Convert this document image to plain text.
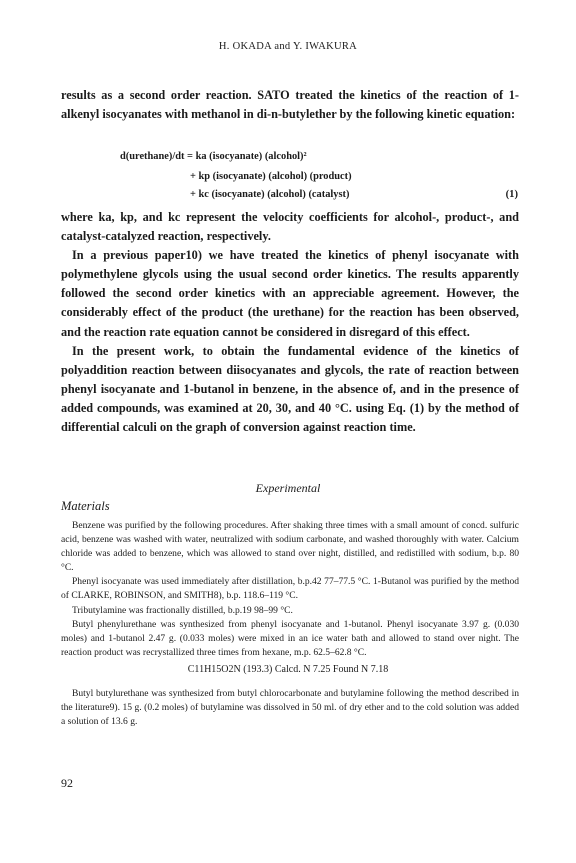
H. OKADA and Y. IWAKURA
results as a second order reaction. SATO treated the kinetics of the reaction of 1-alkenyl isocyanates with methanol in di-n-butylether by the following kinetic equation:
d(urethane)/dt = ka (isocyanate) (alcohol)²
+ kp (isocyanate) (alcohol) (product)
+ kc (isocyanate) (alcohol) (catalyst)	(1)
where ka, kp, and kc represent the velocity coefficients for alcohol-, product-, and catalyst-catalyzed reaction, respectively.
In a previous paper10) we have treated the kinetics of phenyl isocyanate with polymethylene glycols using the usual second order kinetics. The results apparently followed the second order kinetics with an appreciable agreement. However, the considerably effect of the product (the urethane) for the reaction has been observed, and the reaction rate equation cannot be considered in disregard of this effect.
In the present work, to obtain the fundamental evidence of the kinetics of polyaddition reaction between diisocyanates and glycols, the rate of reaction between phenyl isocyanate and 1-butanol in benzene, in the absence of, and in the presence of added compounds, was examined at 20, 30, and 40 °C. using Eq. (1) by the method of differential calculi on the graph of conversion against reaction time.
Experimental
Materials
Benzene was purified by the following procedures. After shaking three times with a small amount of concd. sulfuric acid, benzene was washed with water, neutralized with sodium carbonate, and washed thoroughly with water. Calcium chloride was added to benzene, which was allowed to stand over night, distilled, and redistilled with sodium, b.p. 80 °C.
Phenyl isocyanate was used immediately after distillation, b.p.42 77–77.5 °C. 1-Butanol was purified by the method of CLARKE, ROBINSON, and SMITH8), b.p. 118.6–119 °C.
Tributylamine was fractionally distilled, b.p.19 98–99 °C.
Butyl phenylurethane was synthesized from phenyl isocyanate and 1-butanol. Phenyl isocyanate 3.97 g. (0.030 moles) and 1-butanol 2.47 g. (0.033 moles) were mixed in an ice water bath and allowed to stand over night. The reaction product was recrystallized three times from hexane, m.p. 62.5–62.8 °C.
C11H15O2N (193.3) Calcd. N 7.25 Found N 7.18
Butyl butylurethane was synthesized from butyl chlorocarbonate and butylamine following the method described in the literature9). 15 g. (0.2 moles) of butylamine was dissolved in 50 ml. of dry ether and to the cold solution was added a solution of 13.6 g.
92
